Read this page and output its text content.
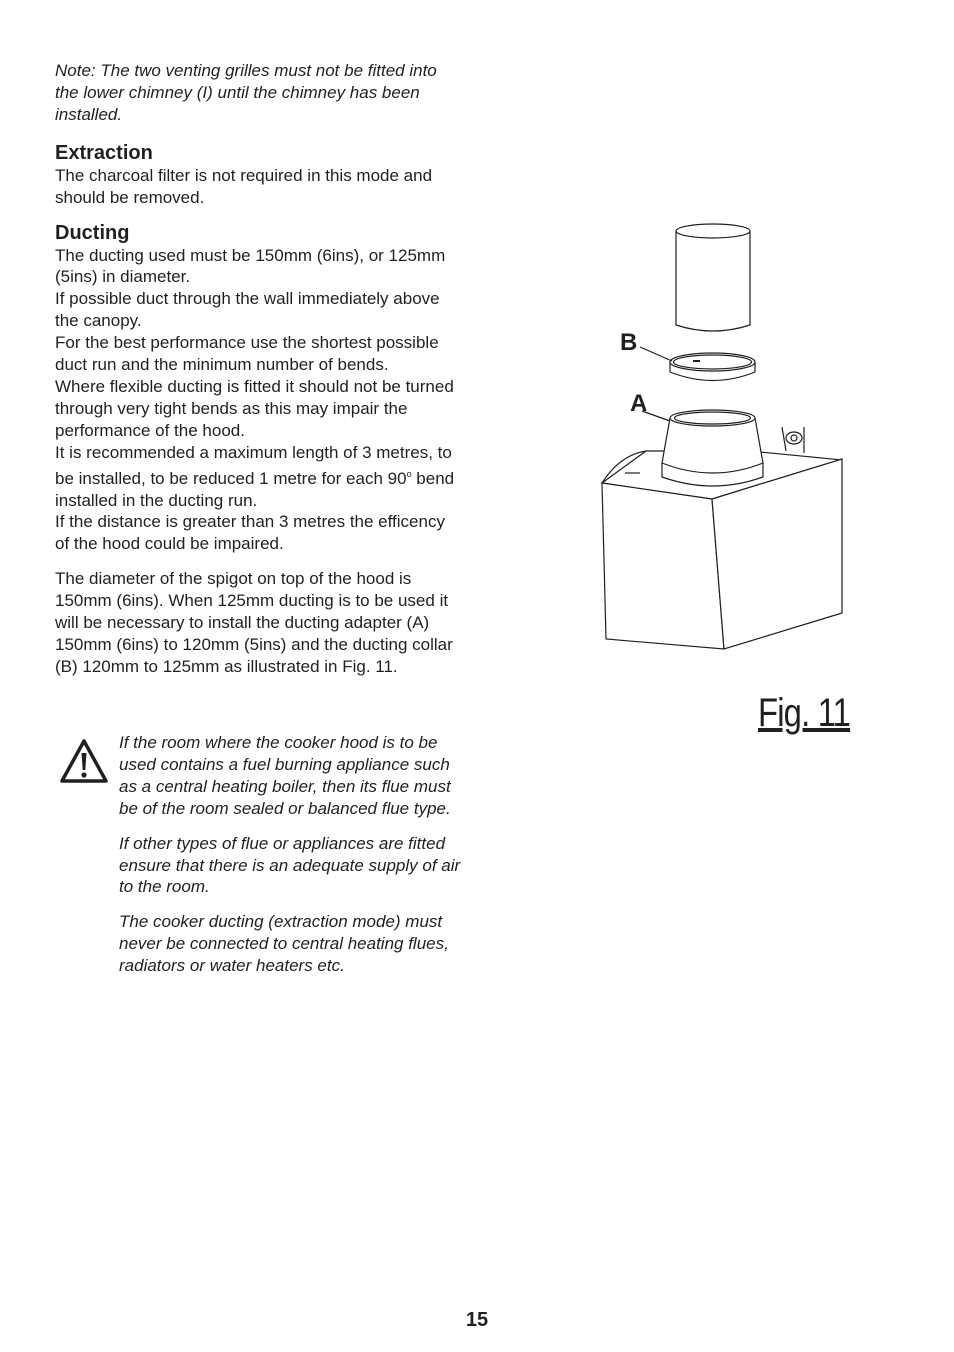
Note: The two venting grilles must not be fitted into the lower chimney (I) until the chimney has been installed.

Extraction

The charcoal filter is not required in this mode and should be removed.

Ducting

The ducting used must be 150mm (6ins), or 125mm (5ins) in diameter.

If possible duct through the wall immediately above the canopy.

For the best performance use the shortest possible duct run and the minimum number of bends.

Where flexible ducting is fitted it should not be turned through very tight bends as this may impair the performance of the hood.

It is recommended a maximum length of 3 metres, to be installed, to be reduced 1 metre for each 90$^o$ bend installed in the ducting run.

If the distance is greater than 3 metres the efficency of the hood could be impaired.

The diameter of the spigot on top of the hood is 150mm (6ins). When 125mm ducting is to be used it will be necessary to install the ducting adapter (A) 150mm (6ins) to 120mm (5ins) and the ducting collar (B) 120mm to 125mm as illustrated in Fig. 11.

If the room where the cooker hood is to be used contains a fuel burning appliance such as a central heating boiler, then its flue must be of the room sealed or balanced flue type.

If other types of flue or appliances are fitted ensure that there is an adequate supply of air to the room.

The cooker ducting (extraction mode) must never be connected to central heating flues, radiators or water heaters etc.

B
A
Fig. 11
15
